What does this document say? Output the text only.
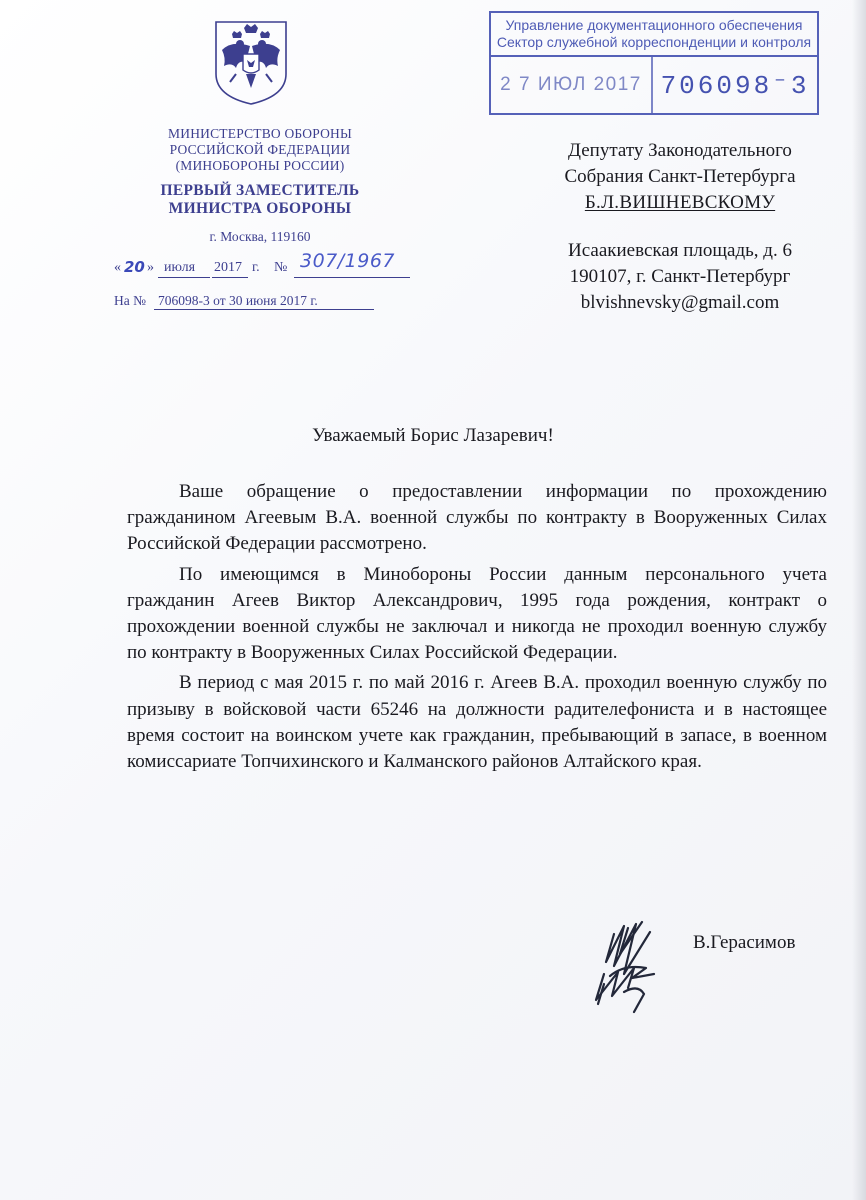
МИНИСТЕРСТВО ОБОРОНЫ
РОССИЙСКОЙ ФЕДЕРАЦИИ
(МИНОБОРОНЫ РОССИИ)
ПЕРВЫЙ ЗАМЕСТИТЕЛЬ
МИНИСТРА ОБОРОНЫ
г. Москва, 119160
« 20 » июля 2017 г. № 307/1967
На № 706098-3 от 30 июня 2017 г.
Управление документационного обеспечения
Сектор служебной корреспонденции и контроля
2 7 ИЮЛ 2017 706098⁻3
Депутату Законодательного
Собрания Санкт-Петербурга
Б.Л.ВИШНЕВСКОМУ
Исаакиевская площадь, д. 6
190107, г. Санкт-Петербург
blvishnevsky@gmail.com
Уважаемый Борис Лазаревич!

Ваше обращение о предоставлении информации по прохождению гражданином Агеевым В.А. военной службы по контракту в Вооруженных Силах Российской Федерации рассмотрено.

По имеющимся в Минобороны России данным персонального учета гражданин Агеев Виктор Александрович, 1995 года рождения, контракт о прохождении военной службы не заключал и никогда не проходил военную службу по контракту в Вооруженных Силах Российской Федерации.

В период с мая 2015 г. по май 2016 г. Агеев В.А. проходил военную службу по призыву в войсковой части 65246 на должности радителефониста и в настоящее время состоит на воинском учете как гражданин, пребывающий в запасе, в военном комиссариате Топчихинского и Калманского районов Алтайского края.

В.Герасимов
